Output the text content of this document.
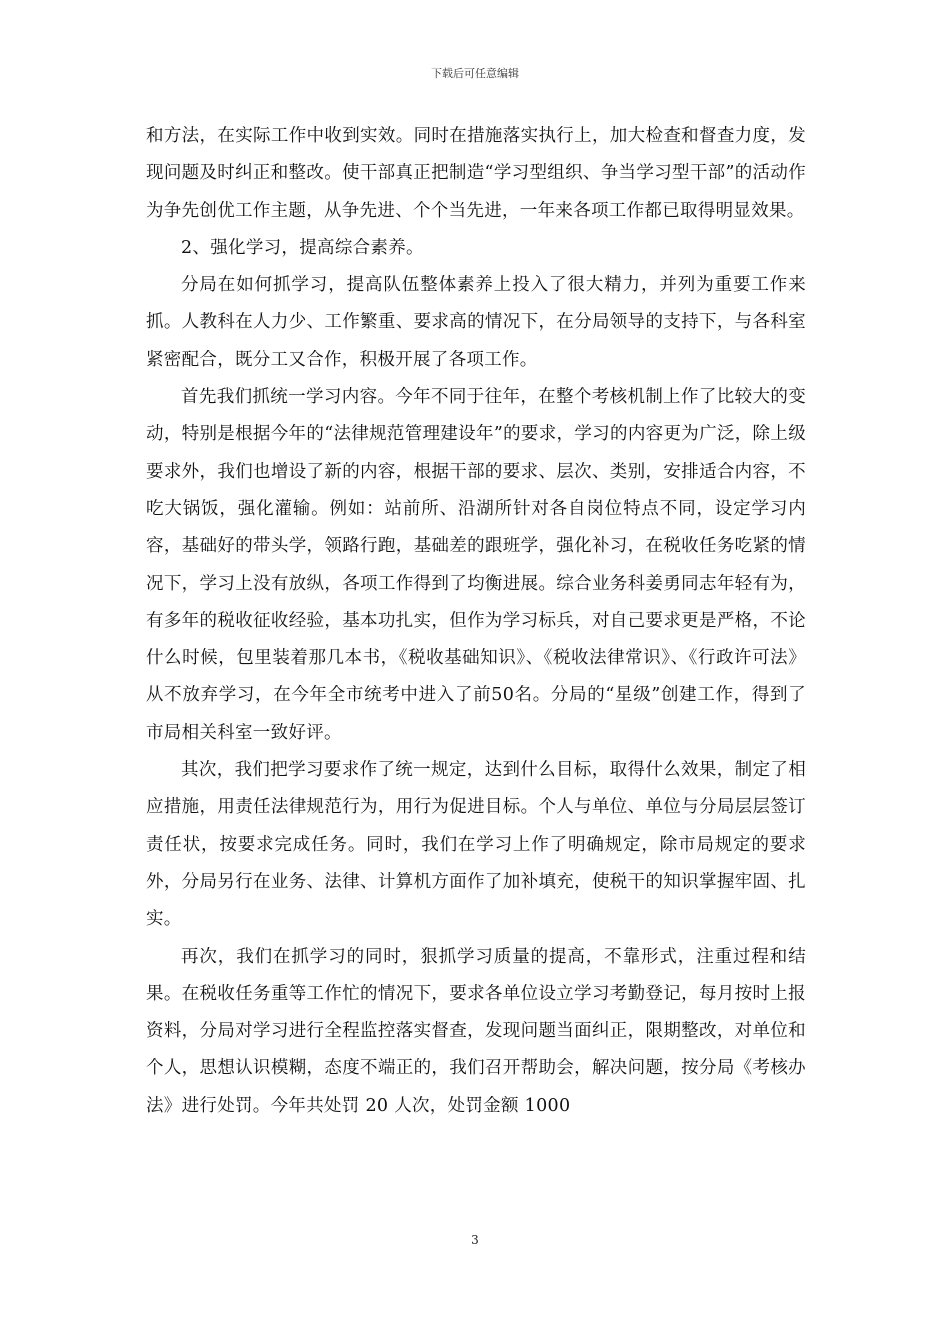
下载后可任意编辑

和方法，在实际工作中收到实效。同时在措施落实执行上，加大检查和督查力度，发现问题及时纠正和整改。使干部真正把制造“学习型组织、争当学习型干部”的活动作为争先创优工作主题，从争先进、个个当先进，一年来各项工作都已取得明显效果。

2、强化学习，提高综合素养。

分局在如何抓学习，提高队伍整体素养上投入了很大精力，并列为重要工作来抓。人教科在人力少、工作繁重、要求高的情况下，在分局领导的支持下，与各科室紧密配合，既分工又合作，积极开展了各项工作。

首先我们抓统一学习内容。今年不同于往年，在整个考核机制上作了比较大的变动，特别是根据今年的“法律规范管理建设年”的要求，学习的内容更为广泛，除上级要求外，我们也增设了新的内容，根据干部的要求、层次、类别，安排适合内容，不吃大锅饭，强化灌输。例如：站前所、沿湖所针对各自岗位特点不同，设定学习内容，基础好的带头学，领路行跑，基础差的跟班学，强化补习，在税收任务吃紧的情况下，学习上没有放纵，各项工作得到了均衡进展。综合业务科姜勇同志年轻有为，有多年的税收征收经验，基本功扎实，但作为学习标兵，对自己要求更是严格，不论什么时候，包里装着那几本书，《税收基础知识》、《税收法律常识》、《行政许可法》从不放弃学习，在今年全市统考中进入了前50名。分局的“星级”创建工作，得到了市局相关科室一致好评。

其次，我们把学习要求作了统一规定，达到什么目标，取得什么效果，制定了相应措施，用责任法律规范行为，用行为促进目标。个人与单位、单位与分局层层签订责任状，按要求完成任务。同时，我们在学习上作了明确规定，除市局规定的要求外，分局另行在业务、法律、计算机方面作了加补填充，使税干的知识掌握牢固、扎实。

再次，我们在抓学习的同时，狠抓学习质量的提高，不靠形式，注重过程和结果。在税收任务重等工作忙的情况下，要求各单位设立学习考勤登记，每月按时上报资料，分局对学习进行全程监控落实督查，发现问题当面纠正，限期整改，对单位和个人，思想认识模糊，态度不端正的，我们召开帮助会，解决问题，按分局《考核办法》进行处罚。今年共处罚 20 人次，处罚金额 1000

3
